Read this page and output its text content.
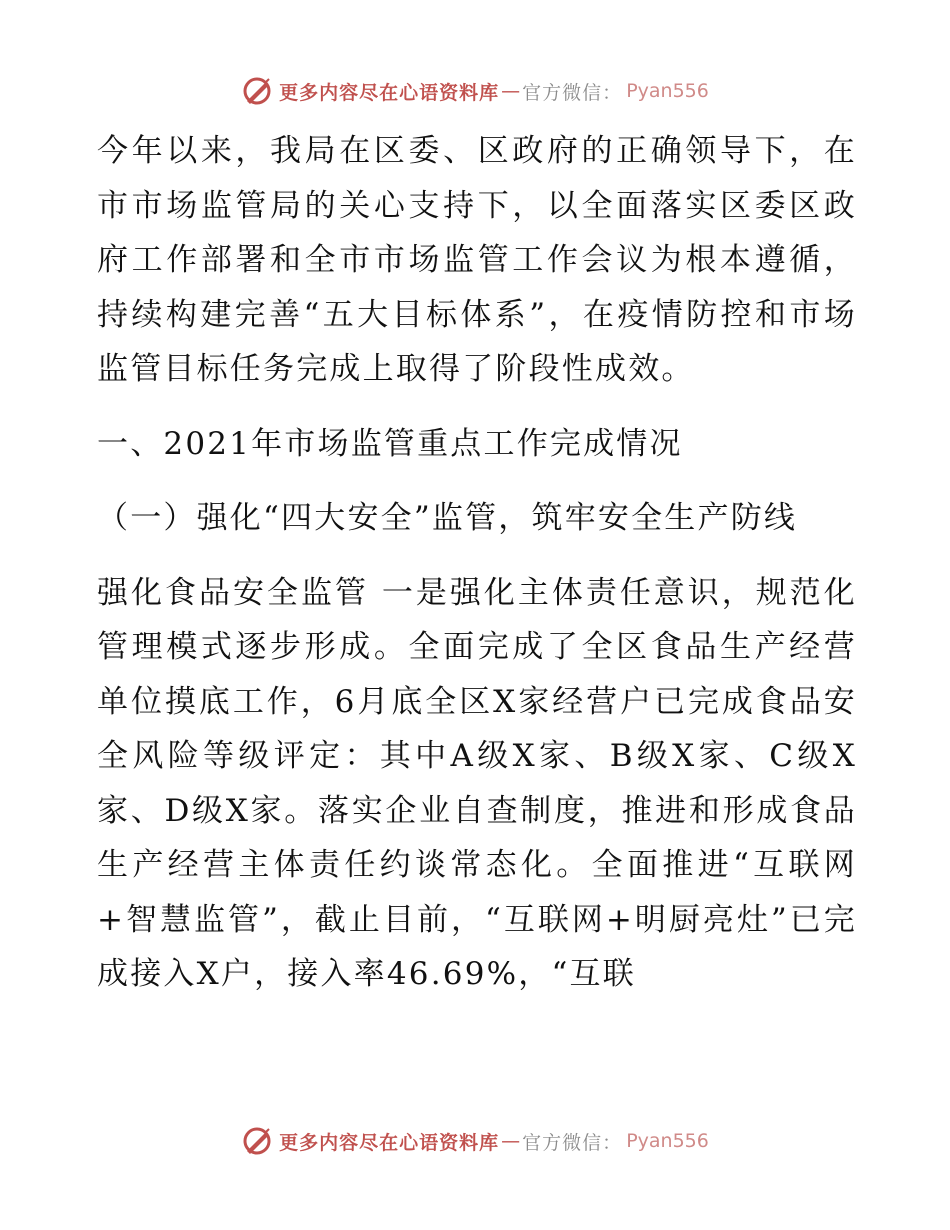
更多内容尽在心语资料库 — 官方微信： Pyan556

今年以来，我局在区委、区政府的正确领导下，在市市场监管局的关心支持下，以全面落实区委区政府工作部署和全市市场监管工作会议为根本遵循，持续构建完善“五大目标体系”，在疫情防控和市场监管目标任务完成上取得了阶段性成效。

一、2021年市场监管重点工作完成情况

（一）强化“四大安全”监管，筑牢安全生产防线

强化食品安全监管 一是强化主体责任意识，规范化管理模式逐步形成。全面完成了全区食品生产经营单位摸底工作，6月底全区X家经营户已完成食品安全风险等级评定：其中A级X家、B级X家、C级X家、D级X家。落实企业自查制度，推进和形成食品生产经营主体责任约谈常态化。全面推进“互联网+智慧监管”，截止目前，“互联网+明厨亮灶”已完成接入X户，接入率46.69%，“互联

更多内容尽在心语资料库 — 官方微信： Pyan556
